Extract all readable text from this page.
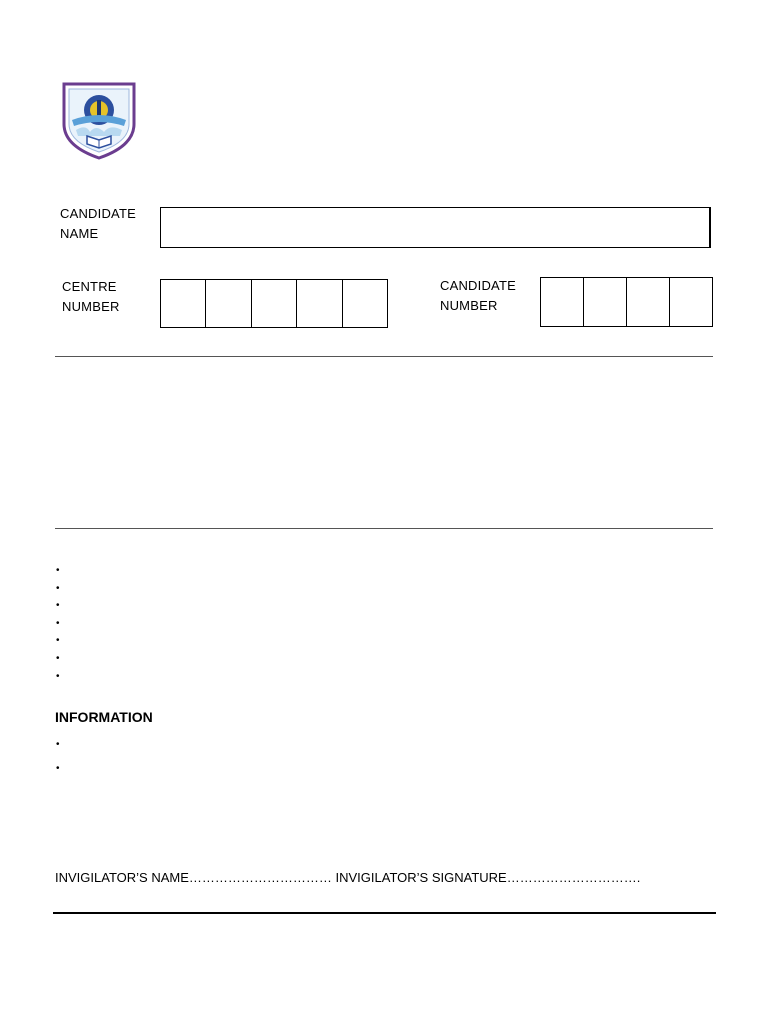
CANDIDATE
NAME
CENTRE
NUMBER
CANDIDATE
NUMBER
•
•
•
•
•
•
•
INFORMATION
•
•
INVIGILATOR’S NAME…………………………… INVIGILATOR’S SIGNATURE………………………….
